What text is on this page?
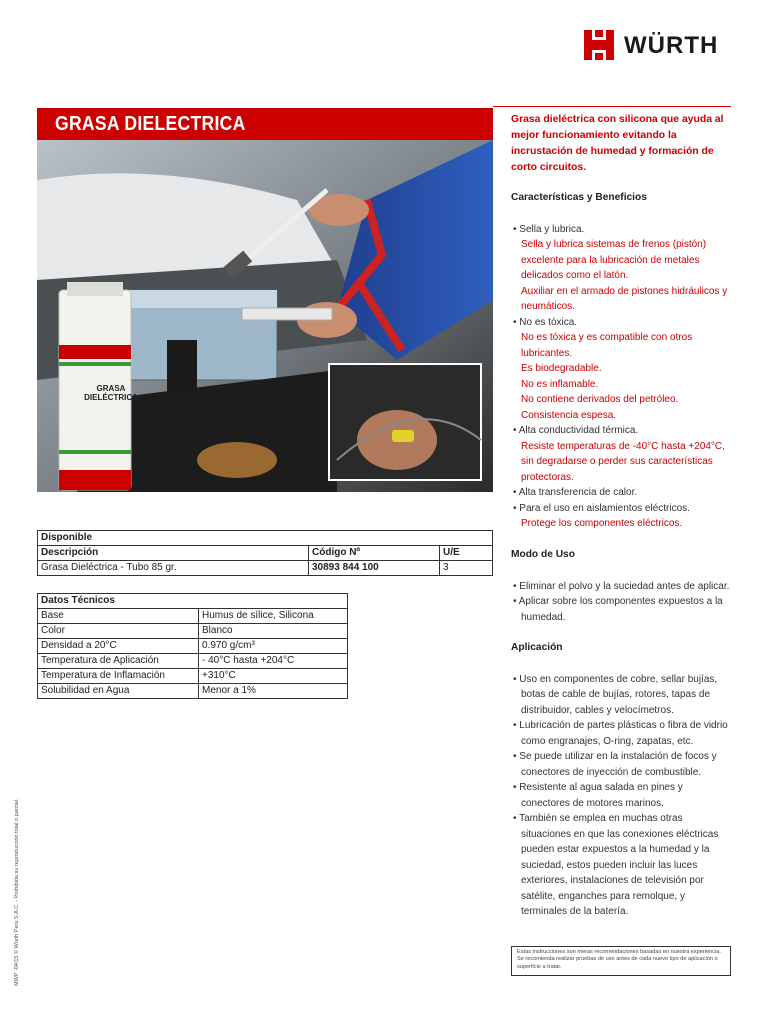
WÜRTH
GRASA DIELECTRICA
GRASA
DIELÉCTRICA
Grasa dieléctrica con silicona que ayuda al mejor funcionamiento evitando la incrustación de humedad y formación de corto circuitos.
Características y Beneficios
• Sella y lubrica.
Sella y lubrica sistemas de frenos (pistón) excelente para la lubricación de metales delicados como el latón.
Auxiliar en el armado de pistones hidráulicos y neumáticos.
• No es tóxica.
No es tóxica y es compatible con otros lubricantes.
Es biodegradable.
No es inflamable.
No contiene derivados del petróleo.
Consistencia espesa.
• Alta conductividad térmica.
Resiste temperaturas de -40°C hasta +204°C, sin degradarse o perder sus características protectoras.
• Alta transferencia de calor.
• Para el uso en aislamientos eléctricos.
Protege los componentes eléctricos.
Modo de Uso
• Eliminar el polvo y la suciedad antes de aplicar.
• Aplicar sobre los componentes expuestos a la humedad.
Aplicación
• Uso en componentes de cobre, sellar bujías, botas de cable de bujías, rotores, tapas de distribuidor, cables y velocímetros.
• Lubricación de partes plásticas o fibra de vidrio como engranajes, O-ring, zapatas, etc.
• Se puede utilizar en la instalación de focos y conectores de inyección de combustible.
• Resistente al agua salada en pines y conectores de motores marinos.
• También se emplea en muchas otras situaciones en que las conexiones eléctricas pueden estar expuestos a la humedad y la suciedad, estos pueden incluir las luces exteriores, instalaciones de televisión por satélite, enganches para remolque, y terminales de la batería.
Disponible		
Descripción	Código Nº	U/E
Grasa Dieléctrica - Tubo 85 gr.	30893 844 100	3
Datos Técnicos	
Base	Humus de sílice, Silicona
Color	Blanco
Densidad a 20°C	0.970 g/cm³
Temperatura de Aplicación	- 40°C hasta +204°C
Temperatura de Inflamación	+310°C
Solubilidad en Agua	Menor a 1%
MWP -04/15 © Würth Perú S.A.C. - Prohibida su reproducción total o parcial.	Estas instrucciones son meras recomendaciones basadas en nuestra experiencia. Se recomienda realizar pruebas de uso antes de cada nuevo tipo de aplicación o superficie a tratar.
